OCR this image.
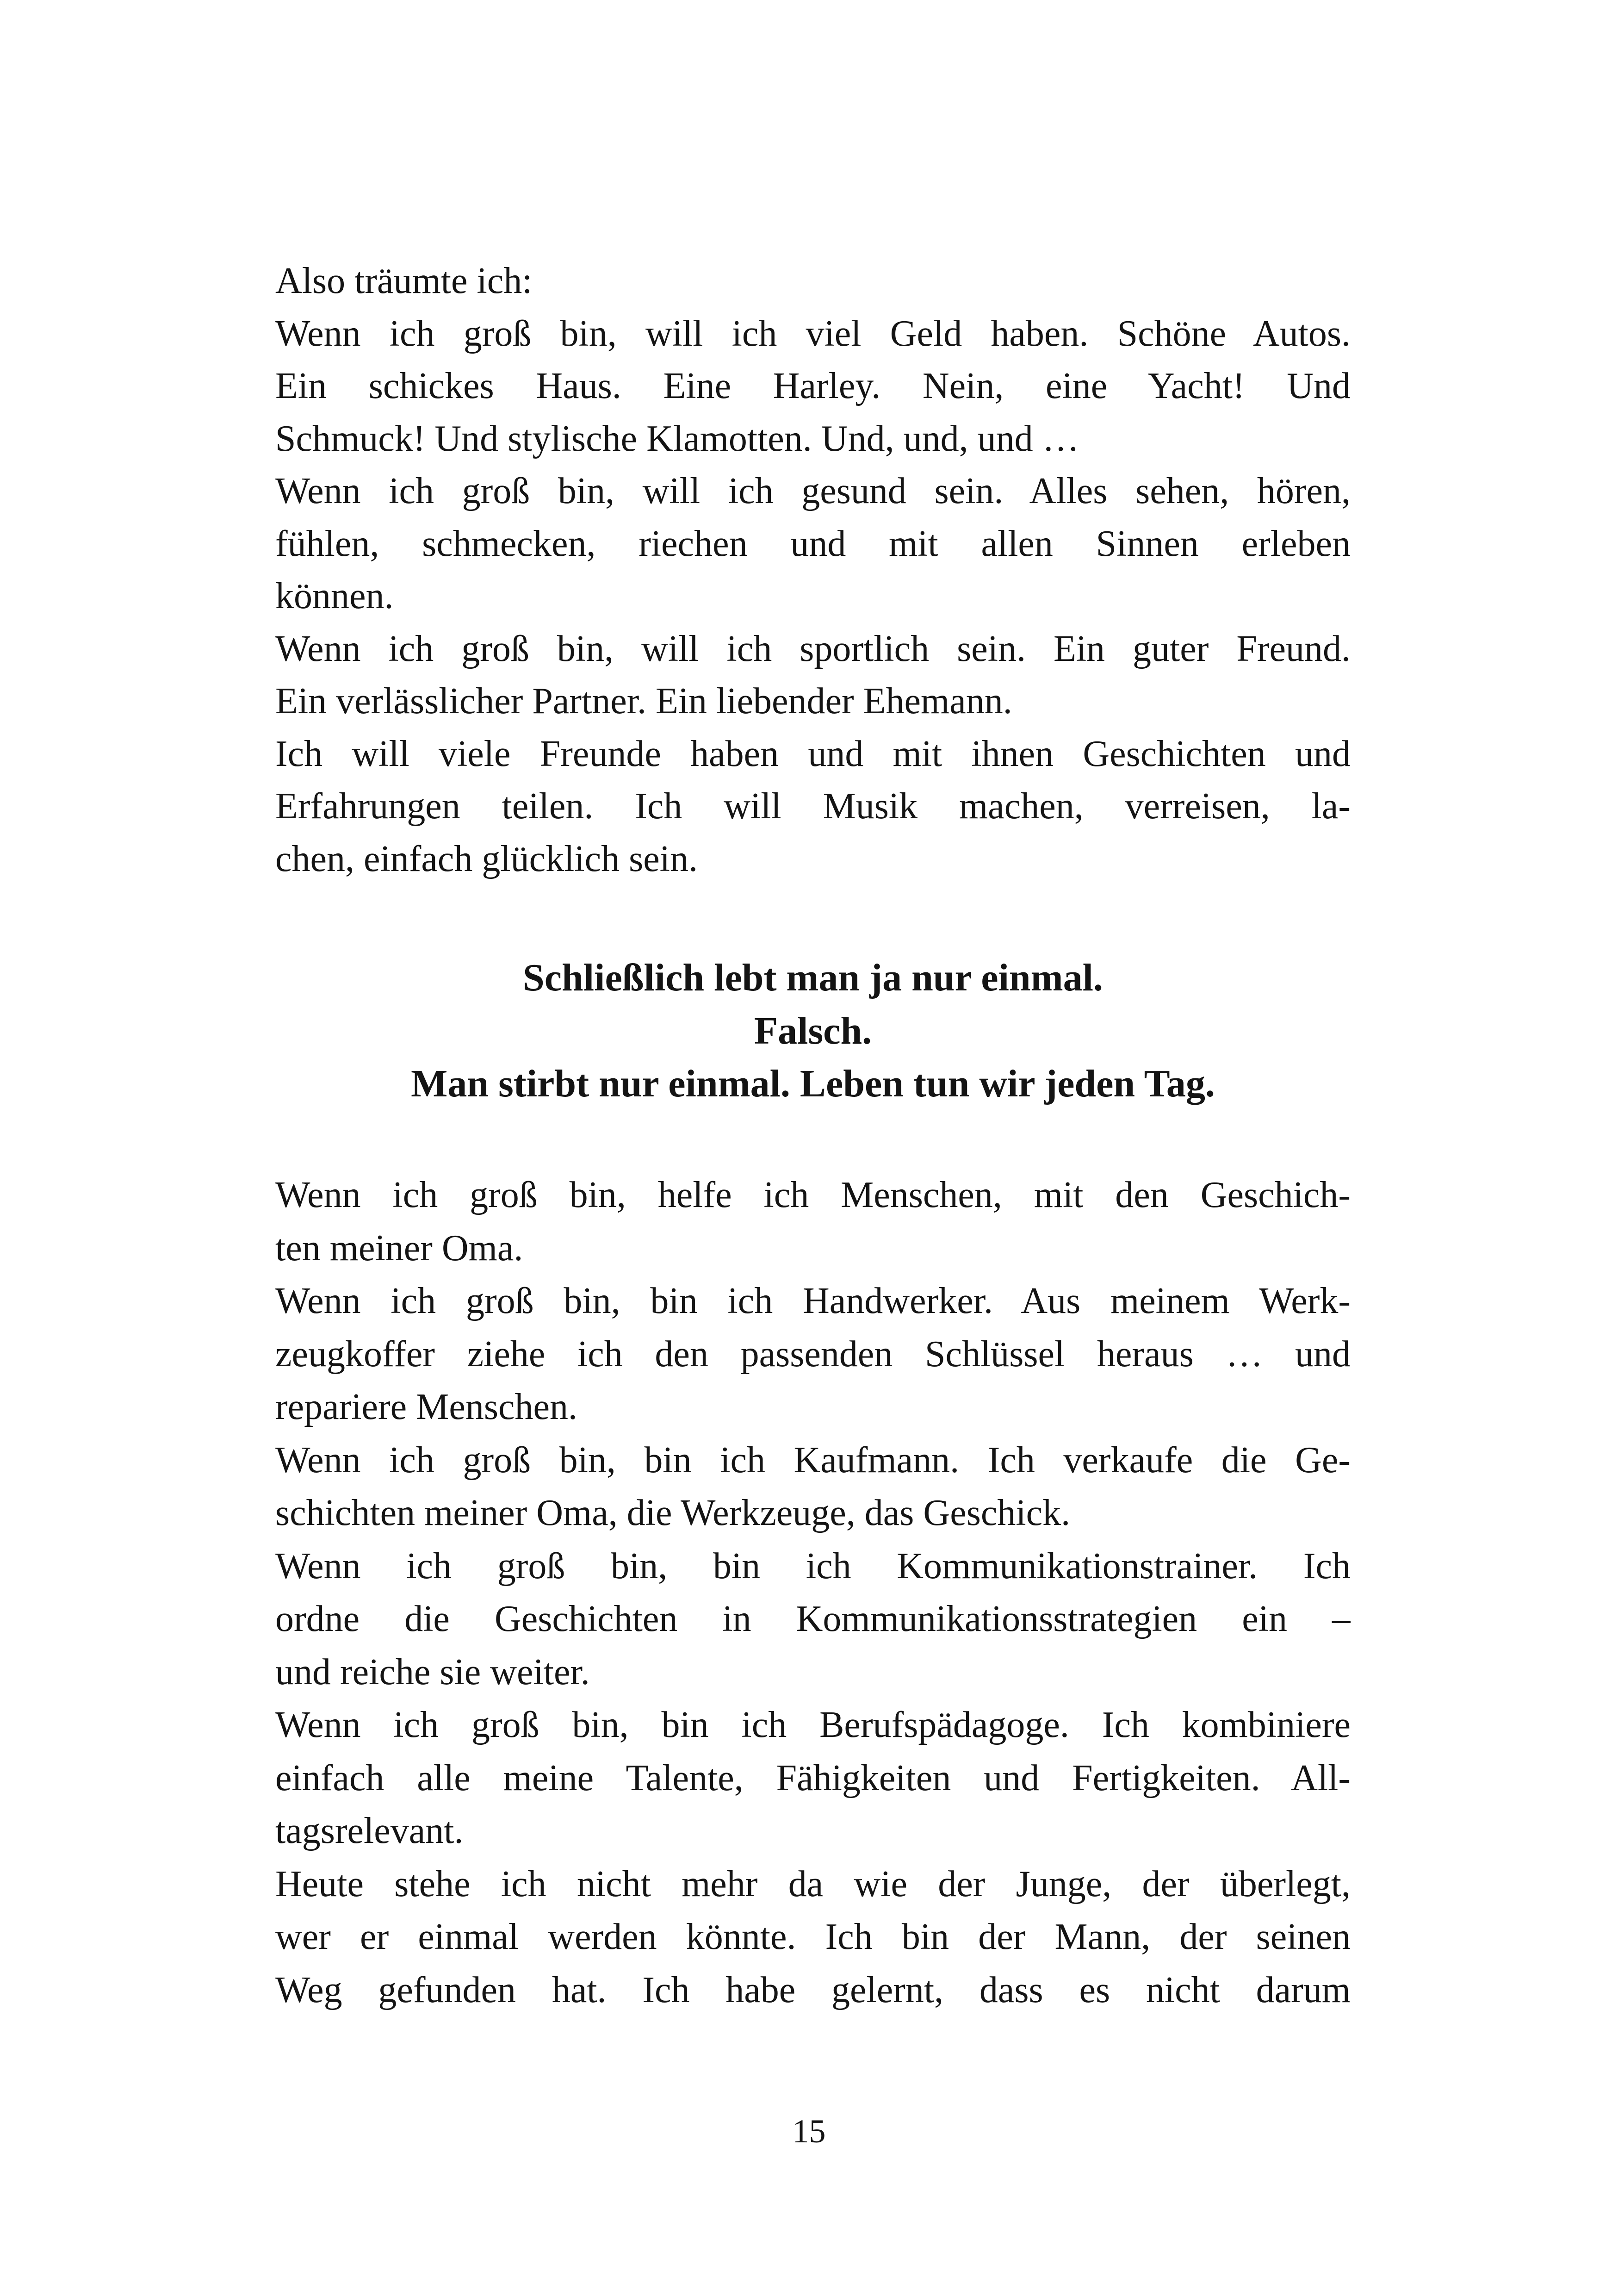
Also träumte ich:
Wenn ich groß bin, will ich viel Geld haben. Schöne Autos.
Ein schickes Haus. Eine Harley. Nein, eine Yacht! Und
Schmuck! Und stylische Klamotten. Und, und, und …
Wenn ich groß bin, will ich gesund sein. Alles sehen, hören,
fühlen, schmecken, riechen und mit allen Sinnen erleben
können.
Wenn ich groß bin, will ich sportlich sein. Ein guter Freund.
Ein verlässlicher Partner. Ein liebender Ehemann.
Ich will viele Freunde haben und mit ihnen Geschichten und
Erfahrungen teilen. Ich will Musik machen, verreisen, la-
chen, einfach glücklich sein.
Schließlich lebt man ja nur einmal.
Falsch.
Man stirbt nur einmal. Leben tun wir jeden Tag.
Wenn ich groß bin, helfe ich Menschen, mit den Geschich-
ten meiner Oma.
Wenn ich groß bin, bin ich Handwerker. Aus meinem Werk-
zeugkoffer ziehe ich den passenden Schlüssel heraus … und
repariere Menschen.
Wenn ich groß bin, bin ich Kaufmann. Ich verkaufe die Ge-
schichten meiner Oma, die Werkzeuge, das Geschick.
Wenn ich groß bin, bin ich Kommunikationstrainer. Ich
ordne die Geschichten in Kommunikationsstrategien ein –
und reiche sie weiter.
Wenn ich groß bin, bin ich Berufspädagoge. Ich kombiniere
einfach alle meine Talente, Fähigkeiten und Fertigkeiten. All-
tagsrelevant.
Heute stehe ich nicht mehr da wie der Junge, der überlegt,
wer er einmal werden könnte. Ich bin der Mann, der seinen
Weg gefunden hat. Ich habe gelernt, dass es nicht darum
15
